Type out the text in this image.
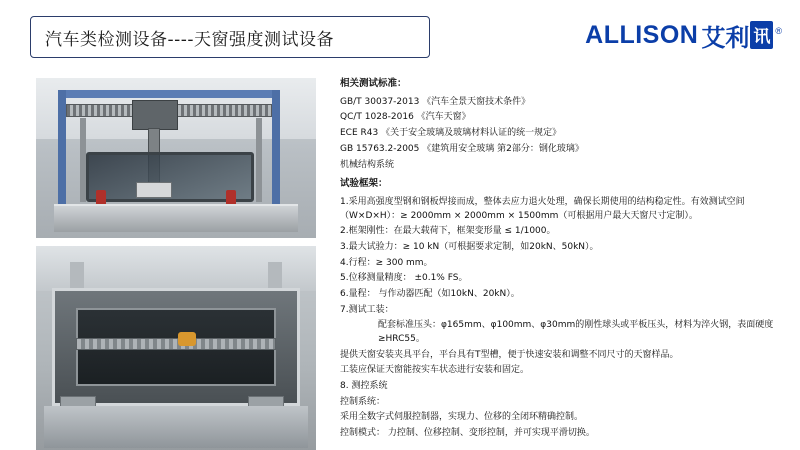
汽车类检测设备----天窗强度测试设备	ALLISON 艾利 讯 ®
相关测试标准：
GB/T 30037-2013 《汽车全景天窗技术条件》
QC/T 1028-2016 《汽车天窗》
ECE R43 《关于安全玻璃及玻璃材料认证的统一规定》
GB 15763.2-2005 《建筑用安全玻璃 第2部分：钢化玻璃》
机械结构系统
试验框架：
1.采用高强度型钢和钢板焊接而成，整体去应力退火处理，确保长期使用的结构稳定性。有效测试空间（W×D×H）：≥ 2000mm × 2000mm × 1500mm（可根据用户最大天窗尺寸定制）。
2.框架刚性：在最大载荷下，框架变形量 ≤ 1/1000。
3.最大试验力：≥ 10 kN（可根据要求定制，如20kN、50kN）。
4.行程：≥ 300 mm。
5.位移测量精度： ±0.1% FS。
6.量程： 与作动器匹配（如10kN、20kN）。
7.测试工装：
配套标准压头：φ165mm、φ100mm、φ30mm的刚性球头或平板压头，材料为淬火钢，表面硬度≥HRC55。
提供天窗安装夹具平台，平台具有T型槽，便于快速安装和调整不同尺寸的天窗样品。
工装应保证天窗能按实车状态进行安装和固定。
8. 测控系统
控制系统：
采用全数字式伺服控制器，实现力、位移的全闭环精确控制。
控制模式： 力控制、位移控制、变形控制，并可实现平滑切换。
